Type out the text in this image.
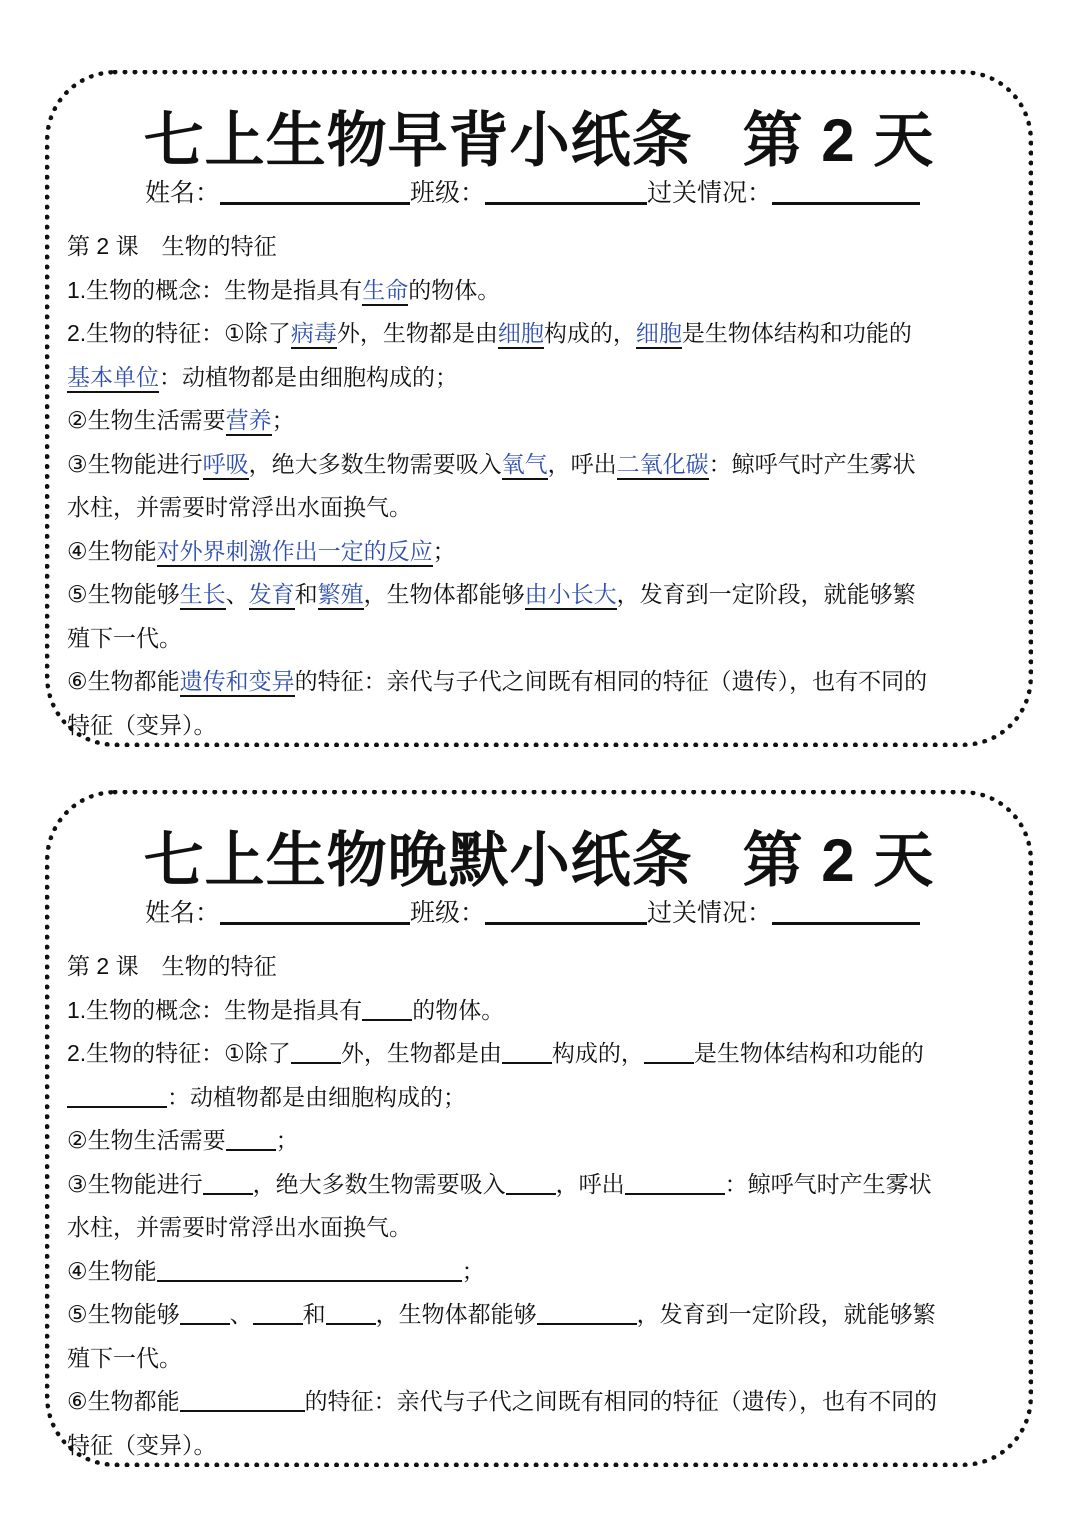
七上生物早背小纸条 第 2 天
姓名：	班级：	过关情况：
第 2 课　生物的特征
1.生物的概念：生物是指具有生命的物体。
2.生物的特征：①除了病毒外，生物都是由细胞构成的，细胞是生物体结构和功能的
基本单位：动植物都是由细胞构成的；
②生物生活需要营养；
③生物能进行呼吸，绝大多数生物需要吸入氧气，呼出二氧化碳：鲸呼气时产生雾状
水柱，并需要时常浮出水面换气。
④生物能对外界刺激作出一定的反应；
⑤生物能够生长、发育和繁殖，生物体都能够由小长大，发育到一定阶段，就能够繁
殖下一代。
⑥生物都能遗传和变异的特征：亲代与子代之间既有相同的特征（遗传），也有不同的
特征（变异）。
七上生物晚默小纸条 第 2 天
姓名：	班级：	过关情况：
第 2 课　生物的特征
1.生物的概念：生物是指具有 的物体。
2.生物的特征：①除了 外，生物都是由 构成的， 是生物体结构和功能的
：动植物都是由细胞构成的；
②生物生活需要 ；
③生物能进行 ，绝大多数生物需要吸入 ，呼出	：鲸呼气时产生雾状
水柱，并需要时常浮出水面换气。
④生物能	；
⑤生物能够 、 和 ，生物体都能够	，发育到一定阶段，就能够繁
殖下一代。
⑥生物都能	的特征：亲代与子代之间既有相同的特征（遗传），也有不同的
特征（变异）。
